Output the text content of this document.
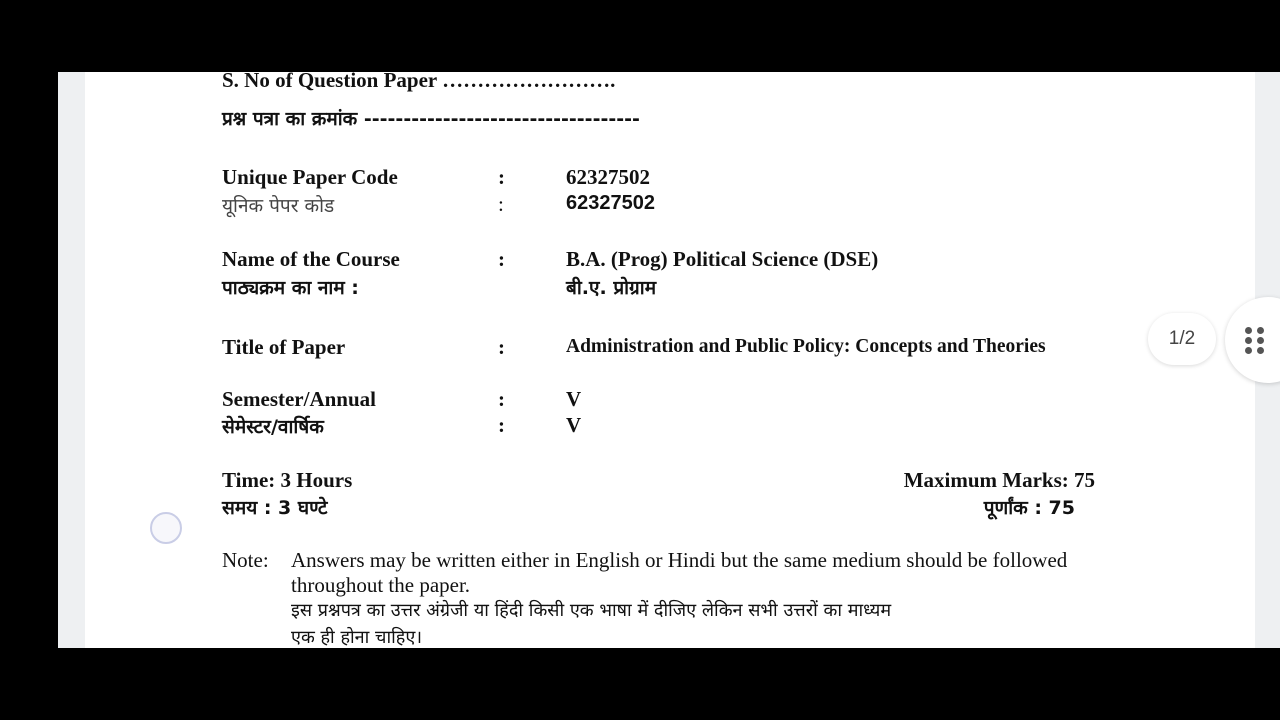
S. No of Question Paper …………………….
प्रश्न पत्रा का क्रमांक -----------------------------------
Unique Paper Code	:	62327502
यूनिक पेपर कोड	:	62327502
Name of the Course	:	B.A. (Prog) Political Science (DSE)
पाठ्यक्रम का नाम :	बी.ए. प्रोग्राम
Title of Paper	:	Administration and Public Policy: Concepts and Theories
Semester/Annual	:	V
सेमेस्टर/वार्षिक	:	V
Time: 3 Hours
समय : 3 घण्टे
Maximum Marks: 75
पूर्णांक : 75
Note: Answers may be written either in English or Hindi but the same medium should be followed
throughout the paper.
इस प्रश्नपत्र का उत्तर अंग्रेजी या हिंदी किसी एक भाषा में दीजिए लेकिन सभी उत्तरों का माध्यम
एक ही होना चाहिए।
1/2
